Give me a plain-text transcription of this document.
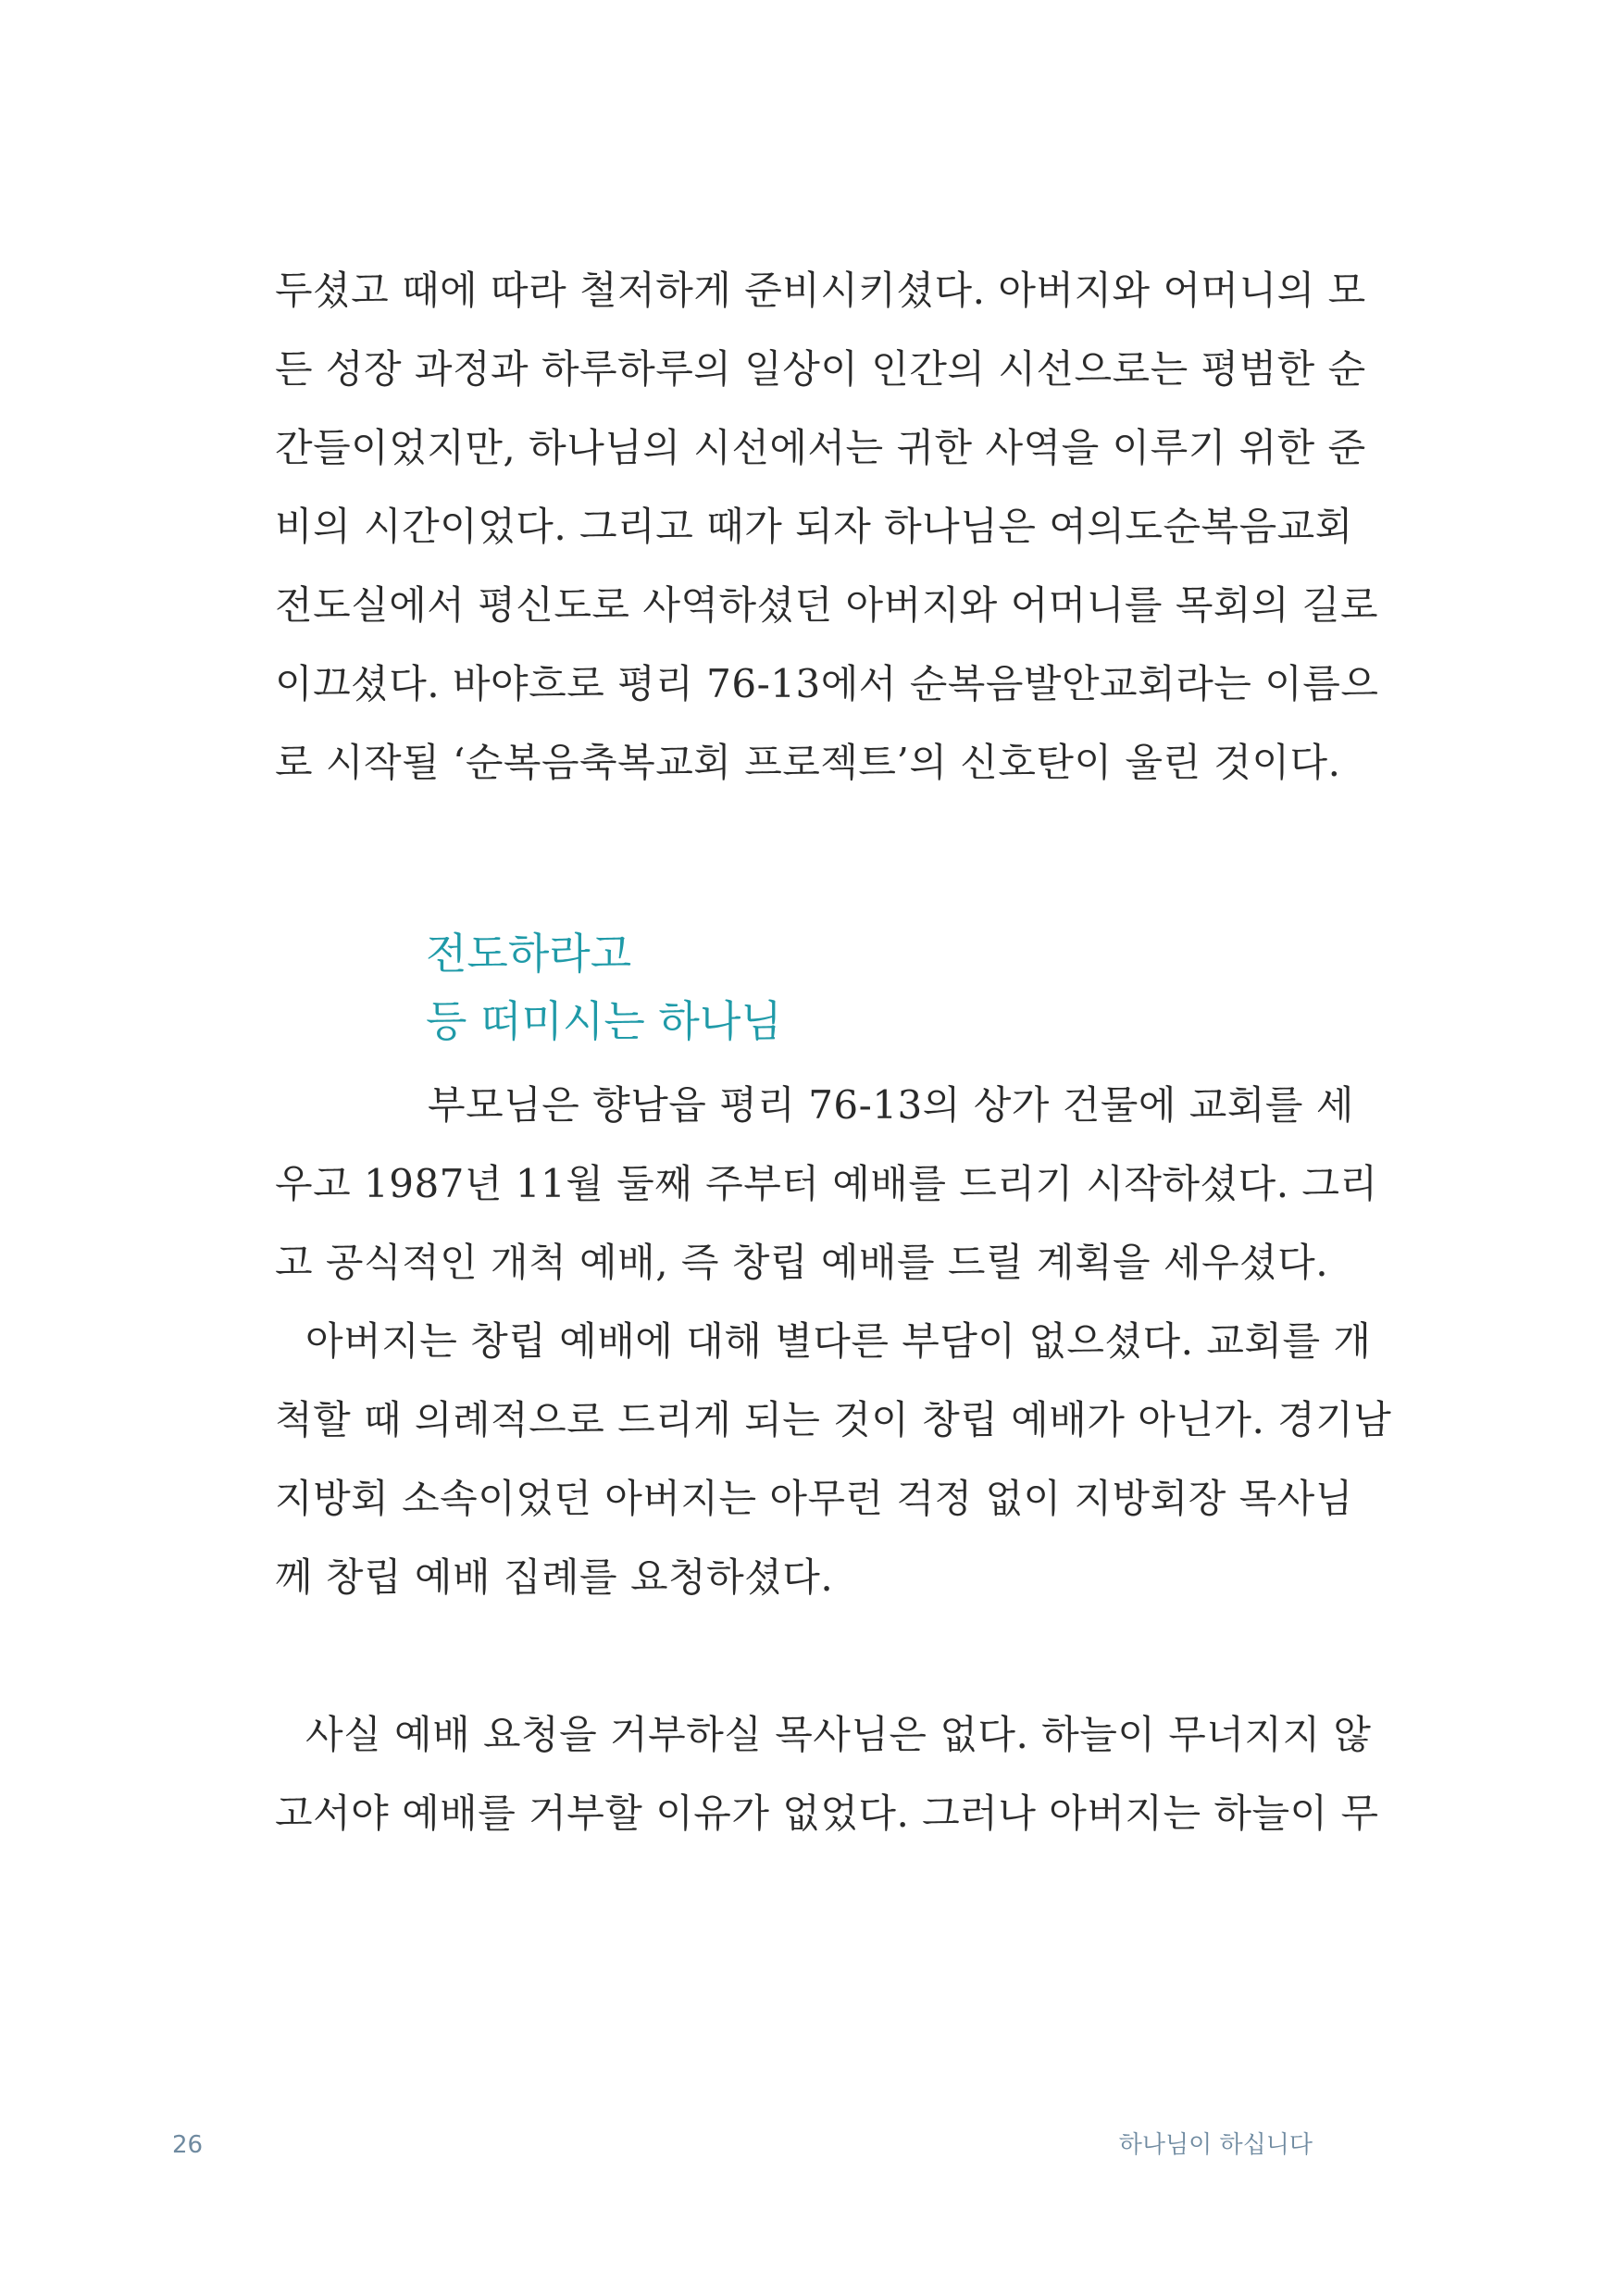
두셨고 때에 따라 철저하게 준비시키셨다. 아버지와 어머니의 모
든 성장 과정과 하루하루의 일상이 인간의 시선으로는 평범한 순
간들이었지만, 하나님의 시선에서는 귀한 사역을 이루기 위한 준
비의 시간이었다. 그리고 때가 되자 하나님은 여의도순복음교회
전도실에서 평신도로 사역하셨던 아버지와 어머니를 목회의 길로
이끄셨다. 바야흐로 평리 76-13에서 순복음발안교회라는 이름으
로 시작될 ‘순복음축복교회 프로젝트’의 신호탄이 울린 것이다.
전도하라고
등 떠미시는 하나님
부모님은 향남읍 평리 76-13의 상가 건물에 교회를 세
우고 1987년 11월 둘째 주부터 예배를 드리기 시작하셨다. 그리
고 공식적인 개척 예배, 즉 창립 예배를 드릴 계획을 세우셨다.
아버지는 창립 예배에 대해 별다른 부담이 없으셨다. 교회를 개
척할 때 의례적으로 드리게 되는 것이 창립 예배가 아닌가. 경기남
지방회 소속이었던 아버지는 아무런 걱정 없이 지방회장 목사님
께 창립 예배 집례를 요청하셨다.
사실 예배 요청을 거부하실 목사님은 없다. 하늘이 무너지지 않
고서야 예배를 거부할 이유가 없었다. 그러나 아버지는 하늘이 무
26	하나님이 하십니다
